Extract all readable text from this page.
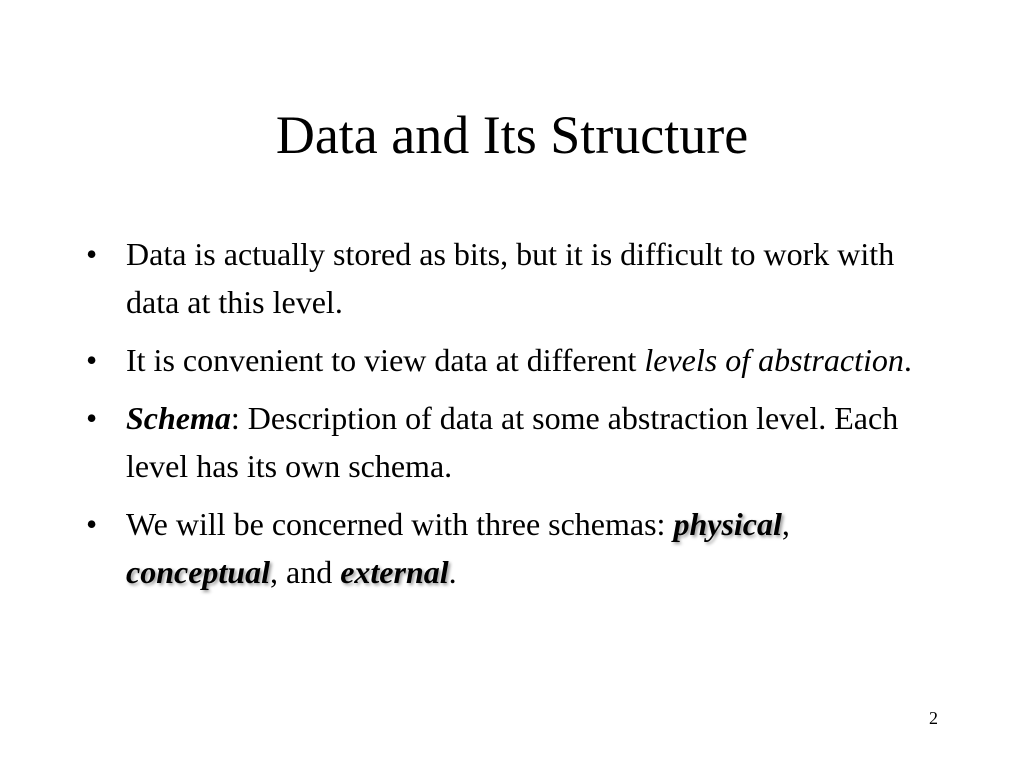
Data and Its Structure
• Data is actually stored as bits, but it is difficult to work with data at this level.
• It is convenient to view data at different levels of abstraction.
• Schema: Description of data at some abstraction level. Each level has its own schema.
• We will be concerned with three schemas: physical, conceptual, and external.
2
